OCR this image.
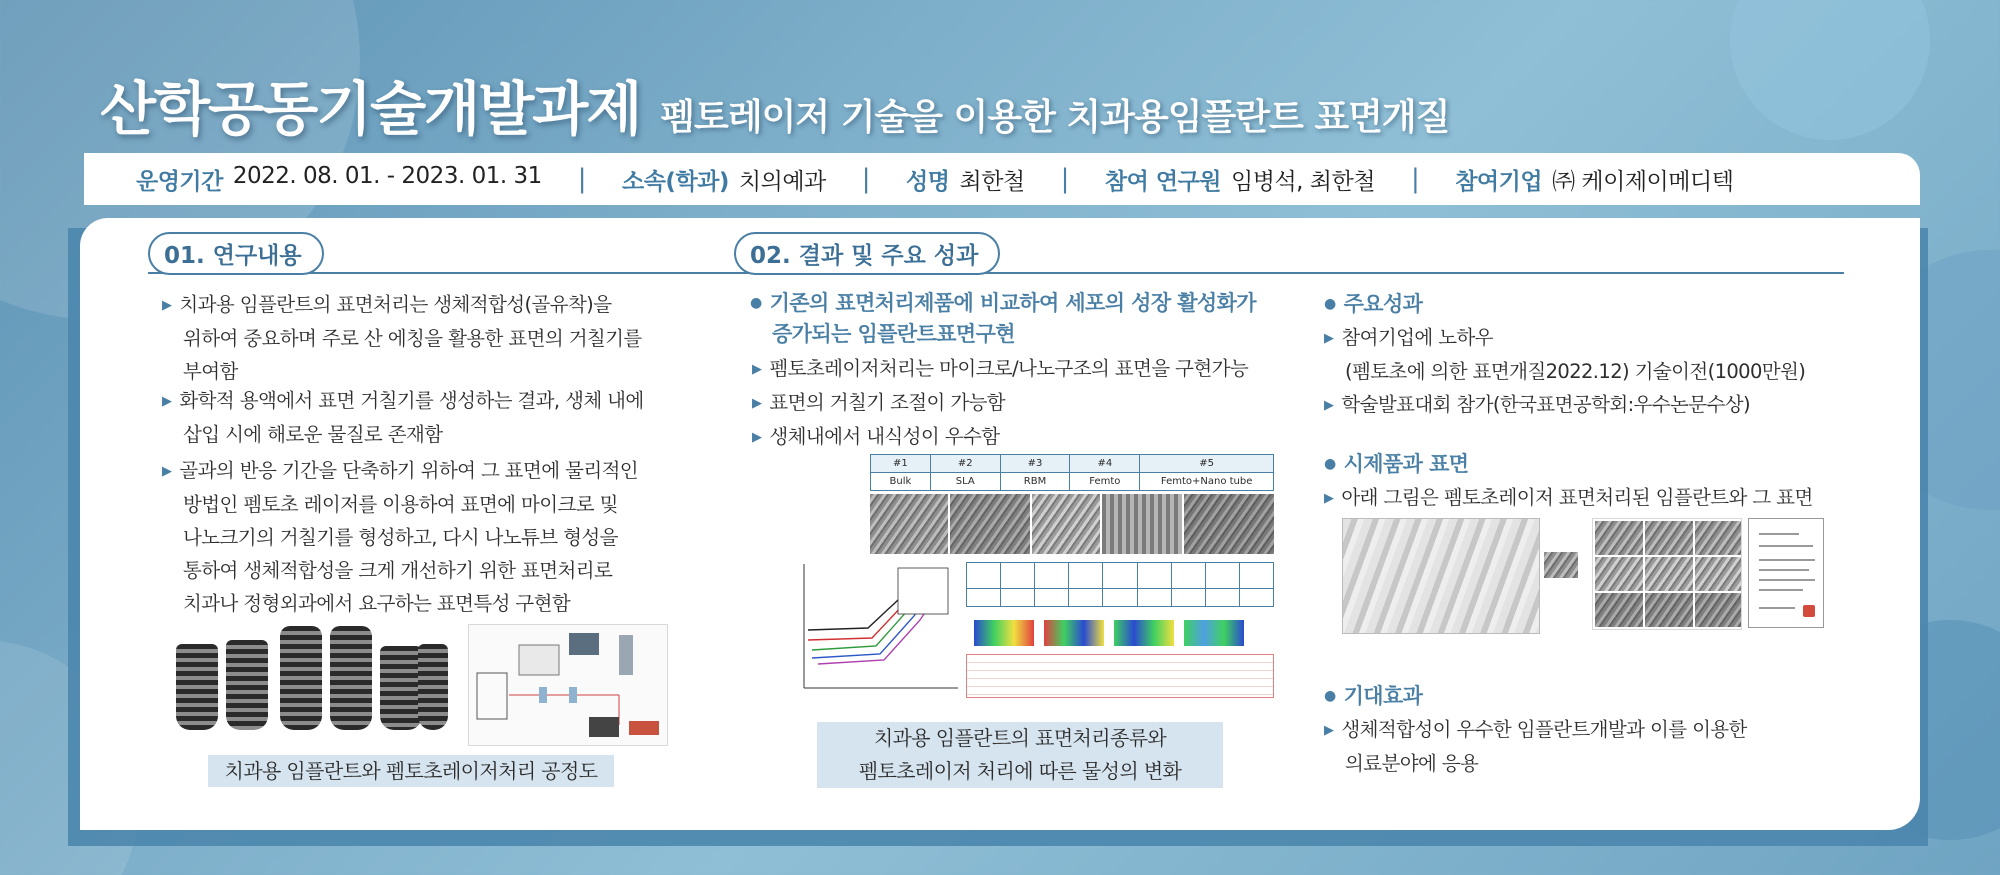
산학공동기술개발과제 펨토레이저 기술을 이용한 치과용임플란트 표면개질
운영기간 2022. 08. 01. - 2023. 01. 31 | 소속(학과) 치의예과 | 성명 최한철 | 참여 연구원 임병석, 최한철 | 참여기업 ㈜ 케이제이메디텍
01. 연구내용
▶ 치과용 임플란트의 표면처리는 생체적합성(골유착)을
위하여 중요하며 주로 산 에칭을 활용한 표면의 거칠기를
부여함
▶ 화학적 용액에서 표면 거칠기를 생성하는 결과, 생체 내에
삽입 시에 해로운 물질로 존재함
▶ 골과의 반응 기간을 단축하기 위하여 그 표면에 물리적인
방법인 펨토초 레이저를 이용하여 표면에 마이크로 및
나노크기의 거칠기를 형성하고, 다시 나노튜브 형성을
통하여 생체적합성을 크게 개선하기 위한 표면처리로
치과나 정형외과에서 요구하는 표면특성 구현함
치과용 임플란트와 펨토초레이저처리 공정도
02. 결과 및 주요 성과
● 기존의 표면처리제품에 비교하여 세포의 성장 활성화가
증가되는 임플란트표면구현
▶ 펨토초레이저처리는 마이크로/나노구조의 표면을 구현가능
▶ 표면의 거칠기 조절이 가능함
▶ 생체내에서 내식성이 우수함
#1	#2	#3	#4	#5
Bulk	SLA	RBM	Femto	Femto+Nano tube

치과용 임플란트의 표면처리종류와
펨토초레이저 처리에 따른 물성의 변화
● 주요성과
▶ 참여기업에 노하우
(펨토초에 의한 표면개질2022.12) 기술이전(1000만원)
▶ 학술발표대회 참가(한국표면공학회:우수논문수상)
● 시제품과 표면
▶ 아래 그림은 펨토초레이저 표면처리된 임플란트와 그 표면
● 기대효과
▶ 생체적합성이 우수한 임플란트개발과 이를 이용한
의료분야에 응용
